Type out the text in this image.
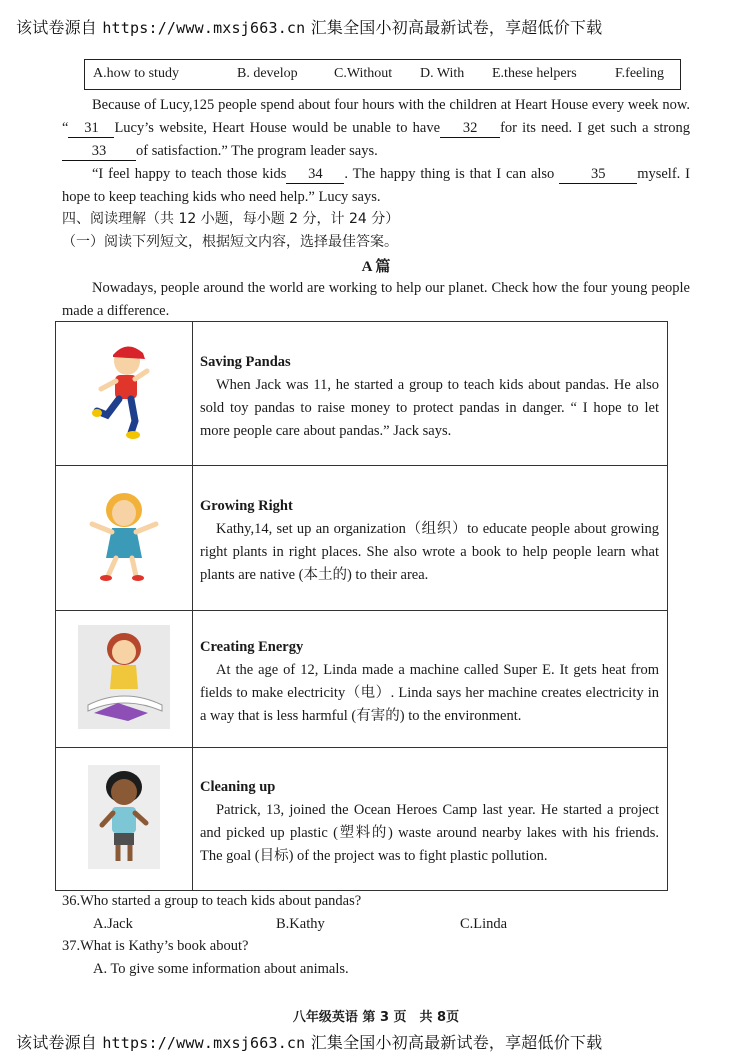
该试卷源自 https://www.mxsj663.cn 汇集全国小初高最新试卷，享超低价下载
A.how to study	B. develop	C.Without D. With E.these helpers	F.feeling

Because of Lucy,125 people spend about four hours with the children at Heart House every week now. “ 31 Lucy’s website, Heart House would be unable to have 32 for its need. I get such a strong33 of satisfaction.” The program leader says.

“I feel happy to teach those kids 34 . The happy thing is that I can also	35 myself. I hope to keep teaching kids who need help.” Lucy says.

四、阅读理解（共 12 小题，每小题 2 分，计 24 分）
（一）阅读下列短文，根据短文内容，选择最佳答案。
A 篇

Nowadays, people around the world are working to help our planet. Check how the four young people made a difference.

Saving Pandas
When Jack was 11, he started a group to teach kids about pandas. He also sold toy pandas to raise money to protect pandas in danger. “ I hope to let more people care about pandas.” Jack says.

Growing Right
Kathy,14, set up an organization（组织）to educate people about growing right plants in right places. She also wrote a book to help people learn what plants are native (本土的) to their area.

Creating Energy
At the age of 12, Linda made a machine called Super E. It gets heat from fields to make electricity（电）. Linda says her machine creates electricity in a way that is less harmful (有害的) to the environment.

Cleaning up
Patrick, 13, joined the Ocean Heroes Camp last year. He started a project and picked up plastic (塑料的) waste around nearby lakes with his friends. The goal (目标) of the project was to fight plastic pollution.
36.Who started a group to teach kids about pandas?
A.Jack	B.Kathy	C.Linda
37.What is Kathy’s book about?
A. To give some information about animals.
八年级英语 第 3 页　共 8页
该试卷源自 https://www.mxsj663.cn 汇集全国小初高最新试卷，享超低价下载
